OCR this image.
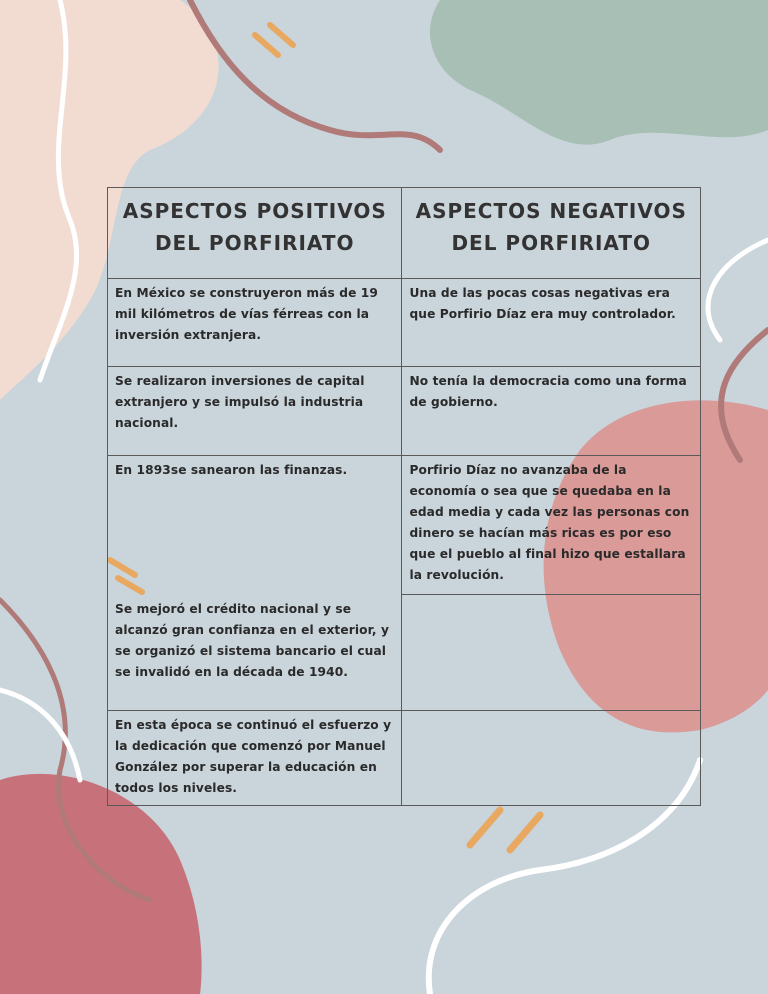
ASPECTOS POSITIVOS DEL PORFIRIATO	ASPECTOS NEGATIVOS DEL PORFIRIATO
En México se construyeron más de 19 mil kilómetros de vías férreas con la inversión extranjera.	Una de las pocas cosas negativas era que Porfirio Díaz era muy controlador.
Se realizaron inversiones de capital extranjero y se impulsó la industria nacional.	No tenía la democracia como una forma de gobierno.
En 1893se sanearon las finanzas.	Porfirio Díaz no avanzaba de la economía o sea que se quedaba en la edad media y cada vez las personas con dinero se hacían más ricas es por eso que el pueblo al final hizo que estallara la revolución.
Se mejoró el crédito nacional y se alcanzó gran confianza en el exterior, y se organizó el sistema bancario el cual se invalidó en la década de 1940.	
En esta época se continuó el esfuerzo y la dedicación que comenzó por Manuel González por superar la educación en todos los niveles.	
